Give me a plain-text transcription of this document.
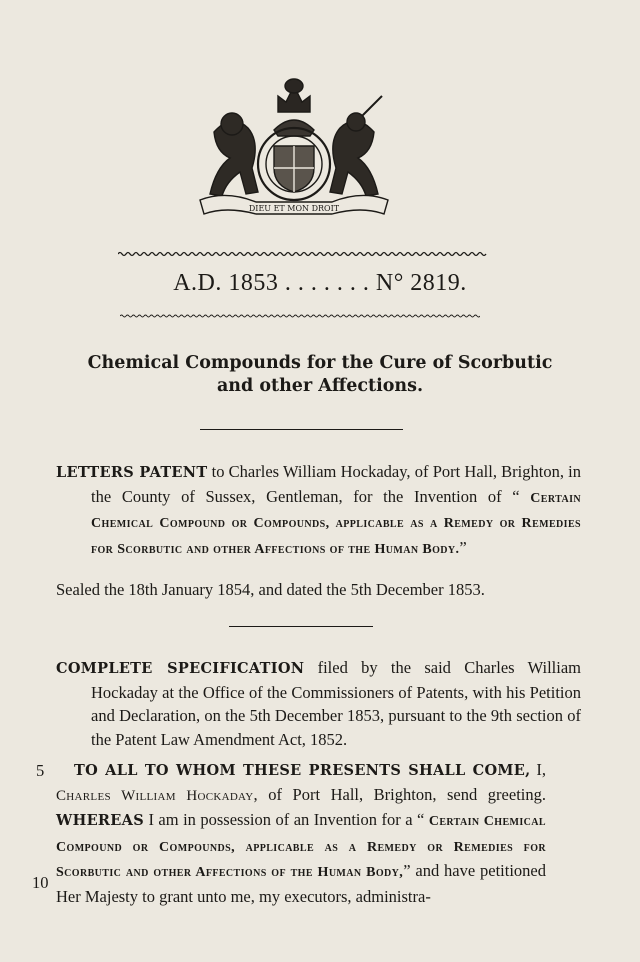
DIEU ET MON DROIT
A.D. 1853 . . . . . . . N° 2819.
Chemical Compounds for the Cure of Scorbutic
and other Affections.
LETTERS PATENT to Charles William Hockaday, of Port Hall, Brighton, in the County of Sussex, Gentleman, for the Invention of “ Certain Chemical Compound or Compounds, applicable as a Remedy or Remedies for Scorbutic and other Affections of the Human Body.”
Sealed the 18th January 1854, and dated the 5th December 1853.
COMPLETE SPECIFICATION filed by the said Charles William Hockaday at the Office of the Commissioners of Patents, with his Petition and Declaration, on the 5th December 1853, pursuant to the 9th section of the Patent Law Amendment Act, 1852.
5
10
TO ALL TO WHOM THESE PRESENTS SHALL COME, I, Charles William Hockaday, of Port Hall, Brighton, send greeting. WHEREAS I am in possession of an Invention for a “ Certain Chemical Compound or Compounds, applicable as a Remedy or Remedies for Scorbutic and other Affections of the Human Body,” and have petitioned Her Majesty to grant unto me, my executors, administra-
